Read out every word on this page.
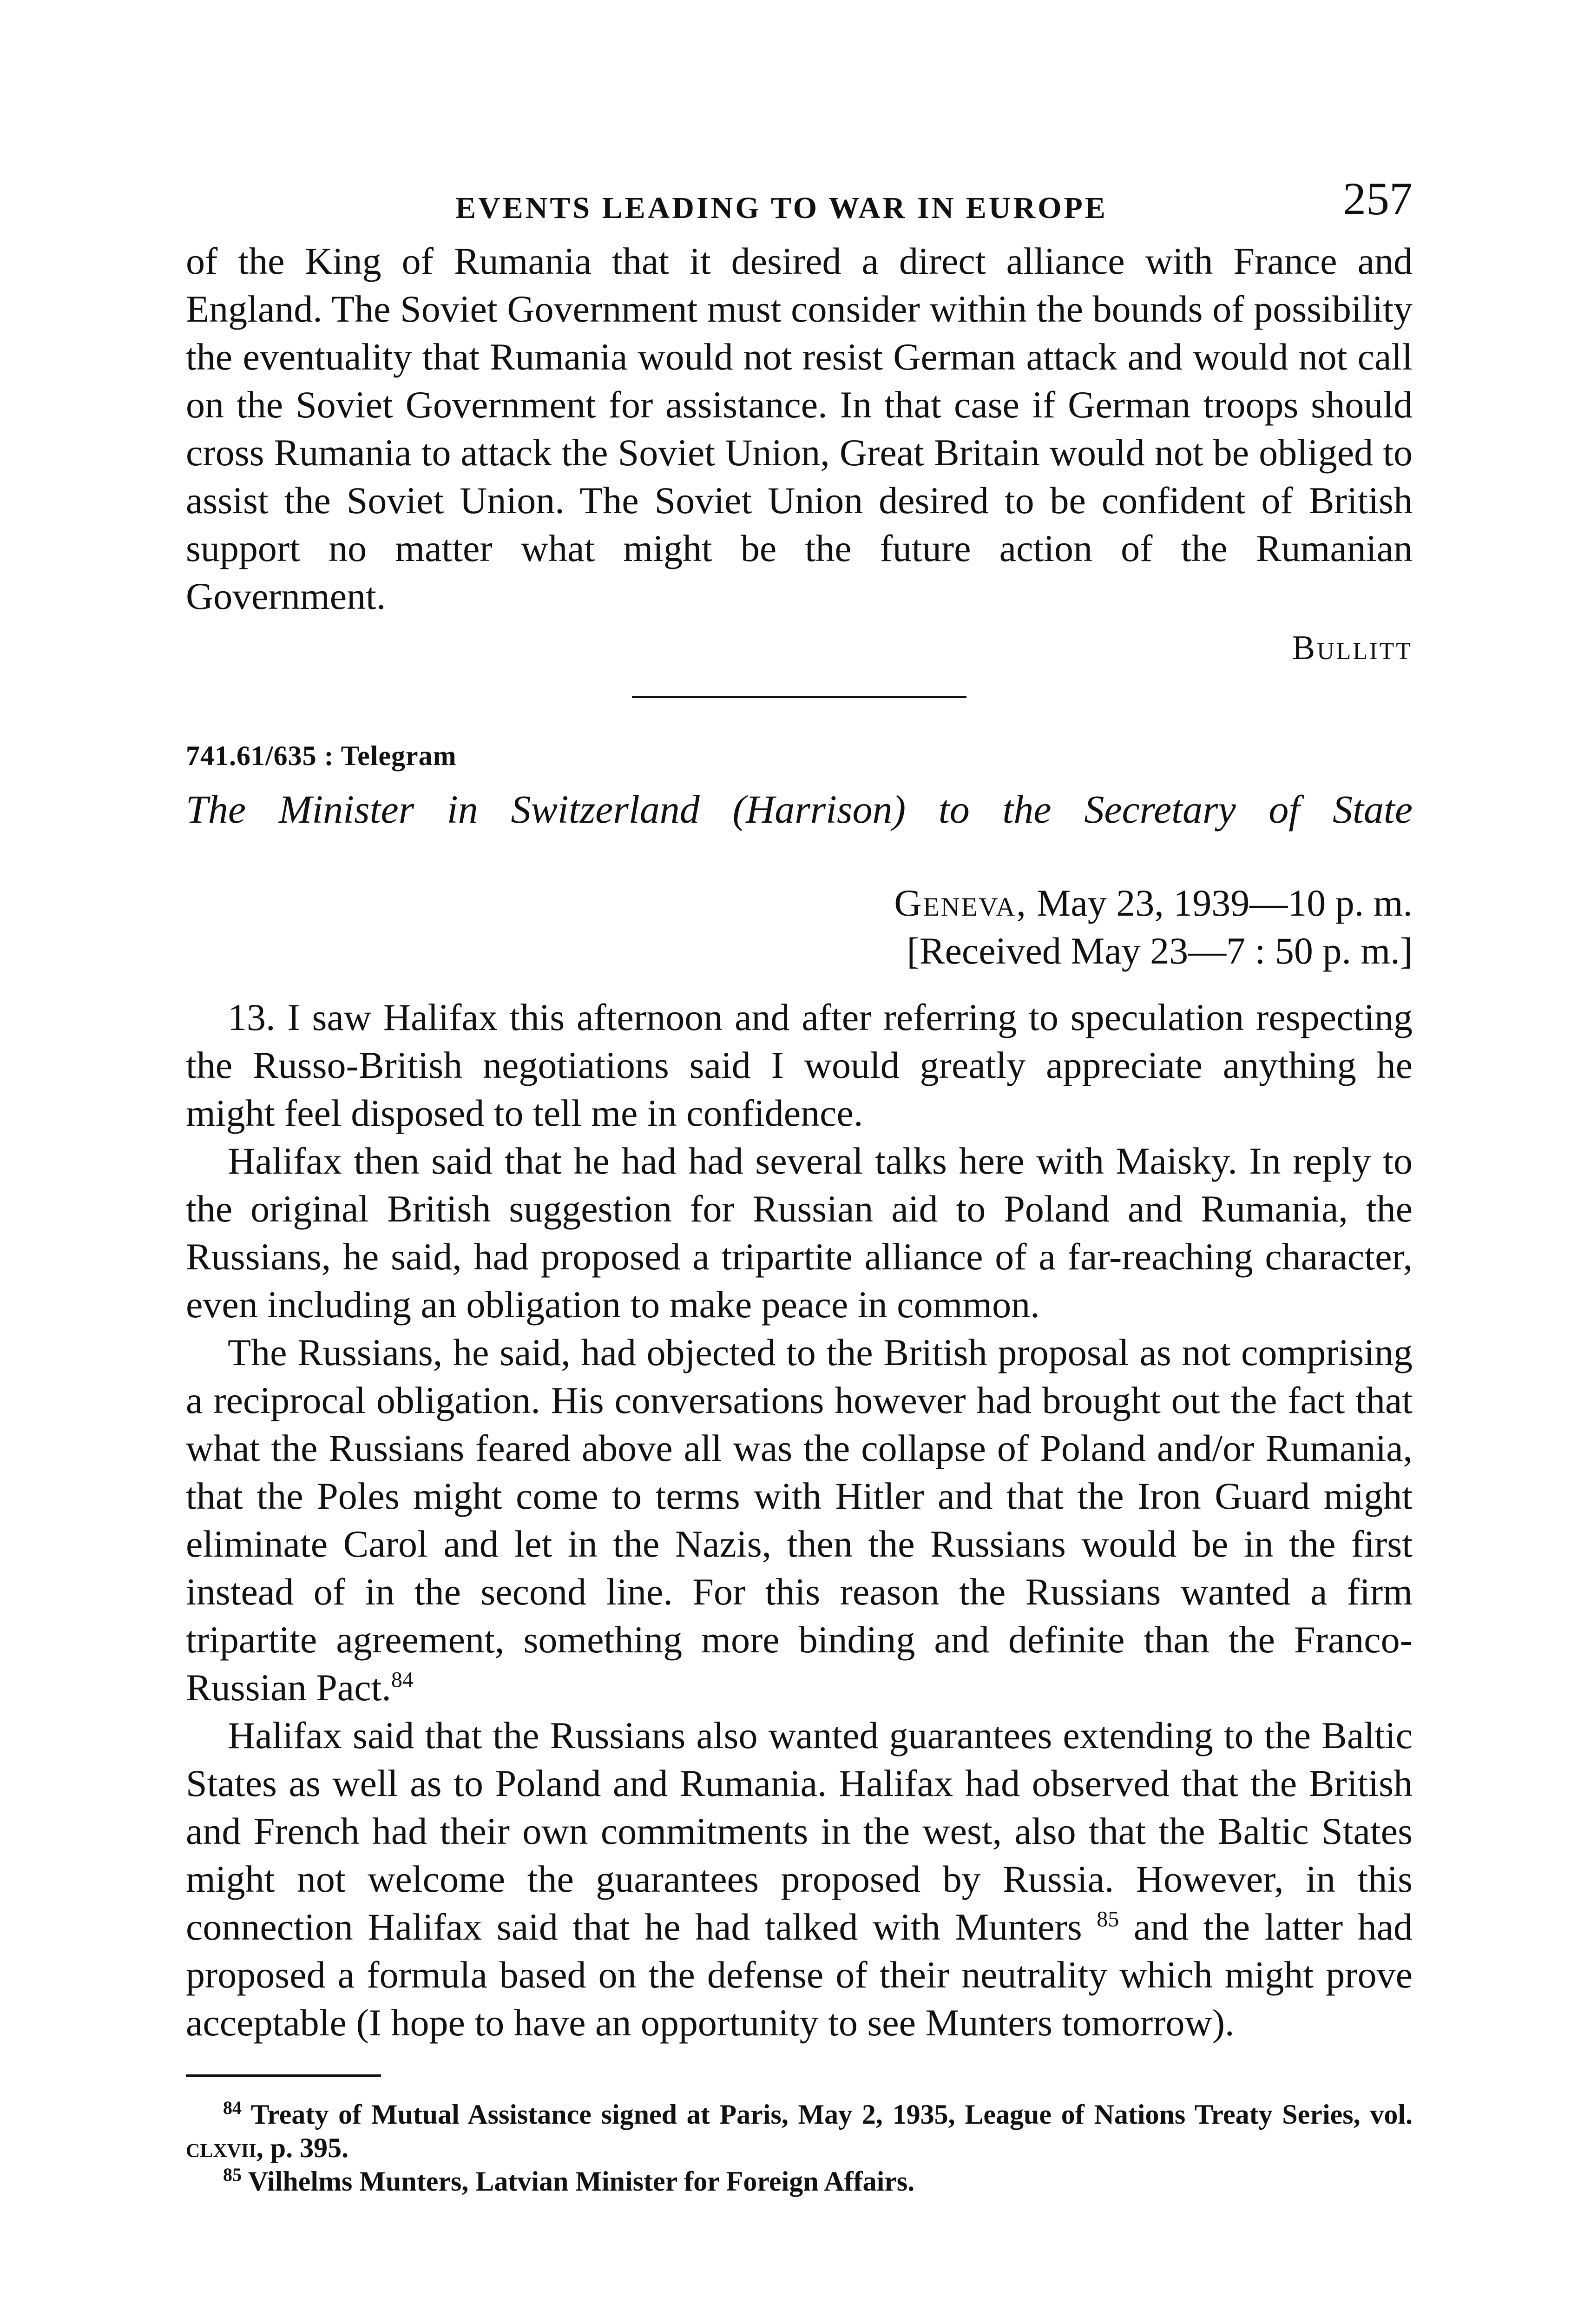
EVENTS LEADING TO WAR IN EUROPE	257

of the King of Rumania that it desired a direct alliance with France and England. The Soviet Government must consider within the bounds of possibility the eventuality that Rumania would not resist German attack and would not call on the Soviet Government for assistance. In that case if German troops should cross Rumania to attack the Soviet Union, Great Britain would not be obliged to assist the Soviet Union. The Soviet Union desired to be confident of British support no matter what might be the future action of the Rumanian Government.

Bullitt

741.61/635 : Telegram

The Minister in Switzerland (Harrison) to the Secretary of State

Geneva, May 23, 1939—10 p. m.

[Received May 23—7 : 50 p. m.]

13. I saw Halifax this afternoon and after referring to speculation respecting the Russo-British negotiations said I would greatly appreciate anything he might feel disposed to tell me in confidence.

Halifax then said that he had had several talks here with Maisky. In reply to the original British suggestion for Russian aid to Poland and Rumania, the Russians, he said, had proposed a tripartite alliance of a far-reaching character, even including an obligation to make peace in common.

The Russians, he said, had objected to the British proposal as not comprising a reciprocal obligation. His conversations however had brought out the fact that what the Russians feared above all was the collapse of Poland and/or Rumania, that the Poles might come to terms with Hitler and that the Iron Guard might eliminate Carol and let in the Nazis, then the Russians would be in the first instead of in the second line. For this reason the Russians wanted a firm tripartite agreement, something more binding and definite than the Franco-Russian Pact.$^{84}$

Halifax said that the Russians also wanted guarantees extending to the Baltic States as well as to Poland and Rumania. Halifax had observed that the British and French had their own commitments in the west, also that the Baltic States might not welcome the guarantees proposed by Russia. However, in this connection Halifax said that he had talked with Munters $^{85}$ and the latter had proposed a formula based on the defense of their neutrality which might prove acceptable (I hope to have an opportunity to see Munters tomorrow).

$^{84}$ Treaty of Mutual Assistance signed at Paris, May 2, 1935, League of Nations Treaty Series, vol. clxvii, p. 395.

$^{85}$ Vilhelms Munters, Latvian Minister for Foreign Affairs.
